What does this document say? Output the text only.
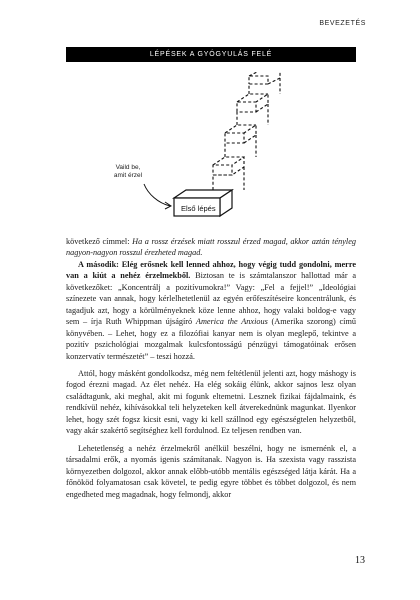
BEVEZETÉS
LÉPÉSEK A GYÓGYULÁS FELÉ
Vaild be,
amit érzel
Első lépés

következő címmel: Ha a rossz érzések miatt rosszul érzed magad, akkor aztán tényleg nagyon-nagyon rosszul érezheted magad.

A második: Elég erősnek kell lenned ahhoz, hogy végig tudd gondolni, merre van a kiút a nehéz érzelmekből. Biztosan te is számtalanszor hallottad már a következőket: „Koncentrálj a pozitívumokra!” Vagy: „Fel a fejjel!” „Ideológiai színezete van annak, hogy kérlelhetetlenül az egyén erőfeszítéseire koncentrálunk, és tagadjuk azt, hogy a körülményeknek köze lenne ahhoz, hogy valaki boldog-e vagy sem – írja Ruth Whippman újságíró America the Anxious (Amerika szorong) című könyvében. – Lehet, hogy ez a filozófiai kanyar nem is olyan meglepő, tekintve a pozitív pszichológiai mozgalmak kulcsfontosságú pénzügyi támogatóinak erősen konzervatív természetét” – teszi hozzá.

Attól, hogy másként gondolkodsz, még nem feltétlenül jelenti azt, hogy máshogy is fogod érezni magad. Az élet nehéz. Ha elég sokáig élünk, akkor sajnos lesz olyan családtagunk, aki meghal, akit mi fogunk eltemetni. Lesznek fizikai fájdalmaink, és rendkívül nehéz, kihívásokkal teli helyzeteken kell átverekednünk magunkat. Ilyenkor lehet, hogy szét fogsz kicsit esni, vagy ki kell szállnod egy egészségtelen helyzetből, vagy akár szakértő segítséghez kell fordulnod. Ez teljesen rendben van.

Lehetetlenség a nehéz érzelmekről anélkül beszélni, hogy ne ismernénk el, a társadalmi erők, a nyomás igenis számítanak. Nagyon is. Ha szexista vagy rasszista környezetben dolgozol, akkor annak előbb-utóbb mentális egészséged látja kárát. Ha a főnököd folyamatosan csak követel, te pedig egyre többet és többet dolgozol, és nem engedheted meg magadnak, hogy felmondj, akkor

13
